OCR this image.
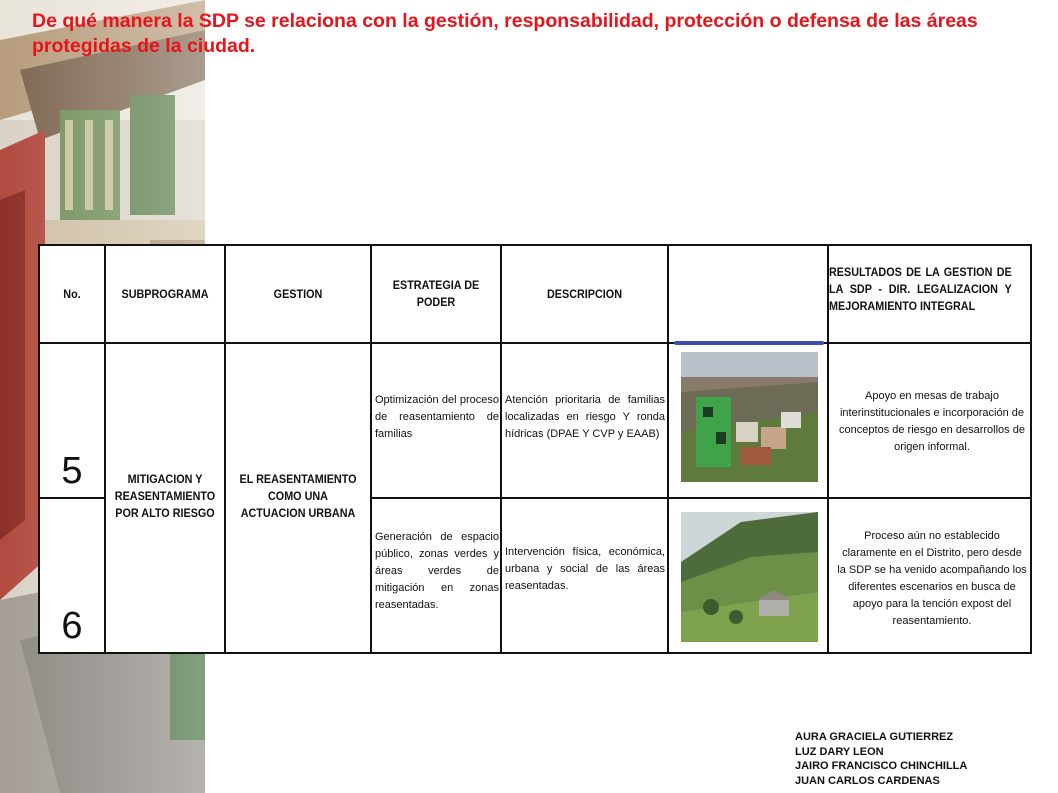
De qué manera la SDP se relaciona con la gestión, responsabilidad, protección o defensa de las áreas protegidas de la ciudad.
No.	SUBPROGRAMA	GESTION
ESTRATEGIA DE PODER
DESCRIPCION
RESULTADOS DE LA GESTION DE LA SDP - DIR. LEGALIZACION Y MEJORAMIENTO INTEGRAL
5
Optimización del proceso de reasentamiento de familias
Atención prioritaria de familias localizadas en riesgo Y ronda hídricas (DPAE Y CVP y EAAB)
Apoyo en mesas de trabajo interinstitucionales e incorporación de conceptos de riesgo en desarrollos de origen informal.
MITIGACION Y REASENTAMIENTO POR ALTO RIESGO
EL REASENTAMIENTO COMO UNA ACTUACION URBANA
6
Generación de espacio público, zonas verdes y áreas verdes de mitigación en zonas reasentadas.
Intervención física, económica, urbana y social de las áreas reasentadas.
Proceso aún no establecido claramente en el Distrito, pero desde la SDP se ha venido acompañando los diferentes escenarios en busca de apoyo para la tención expost del reasentamiento.
AURA GRACIELA GUTIERREZ
LUZ DARY LEON
JAIRO FRANCISCO CHINCHILLA
JUAN CARLOS CARDENAS
